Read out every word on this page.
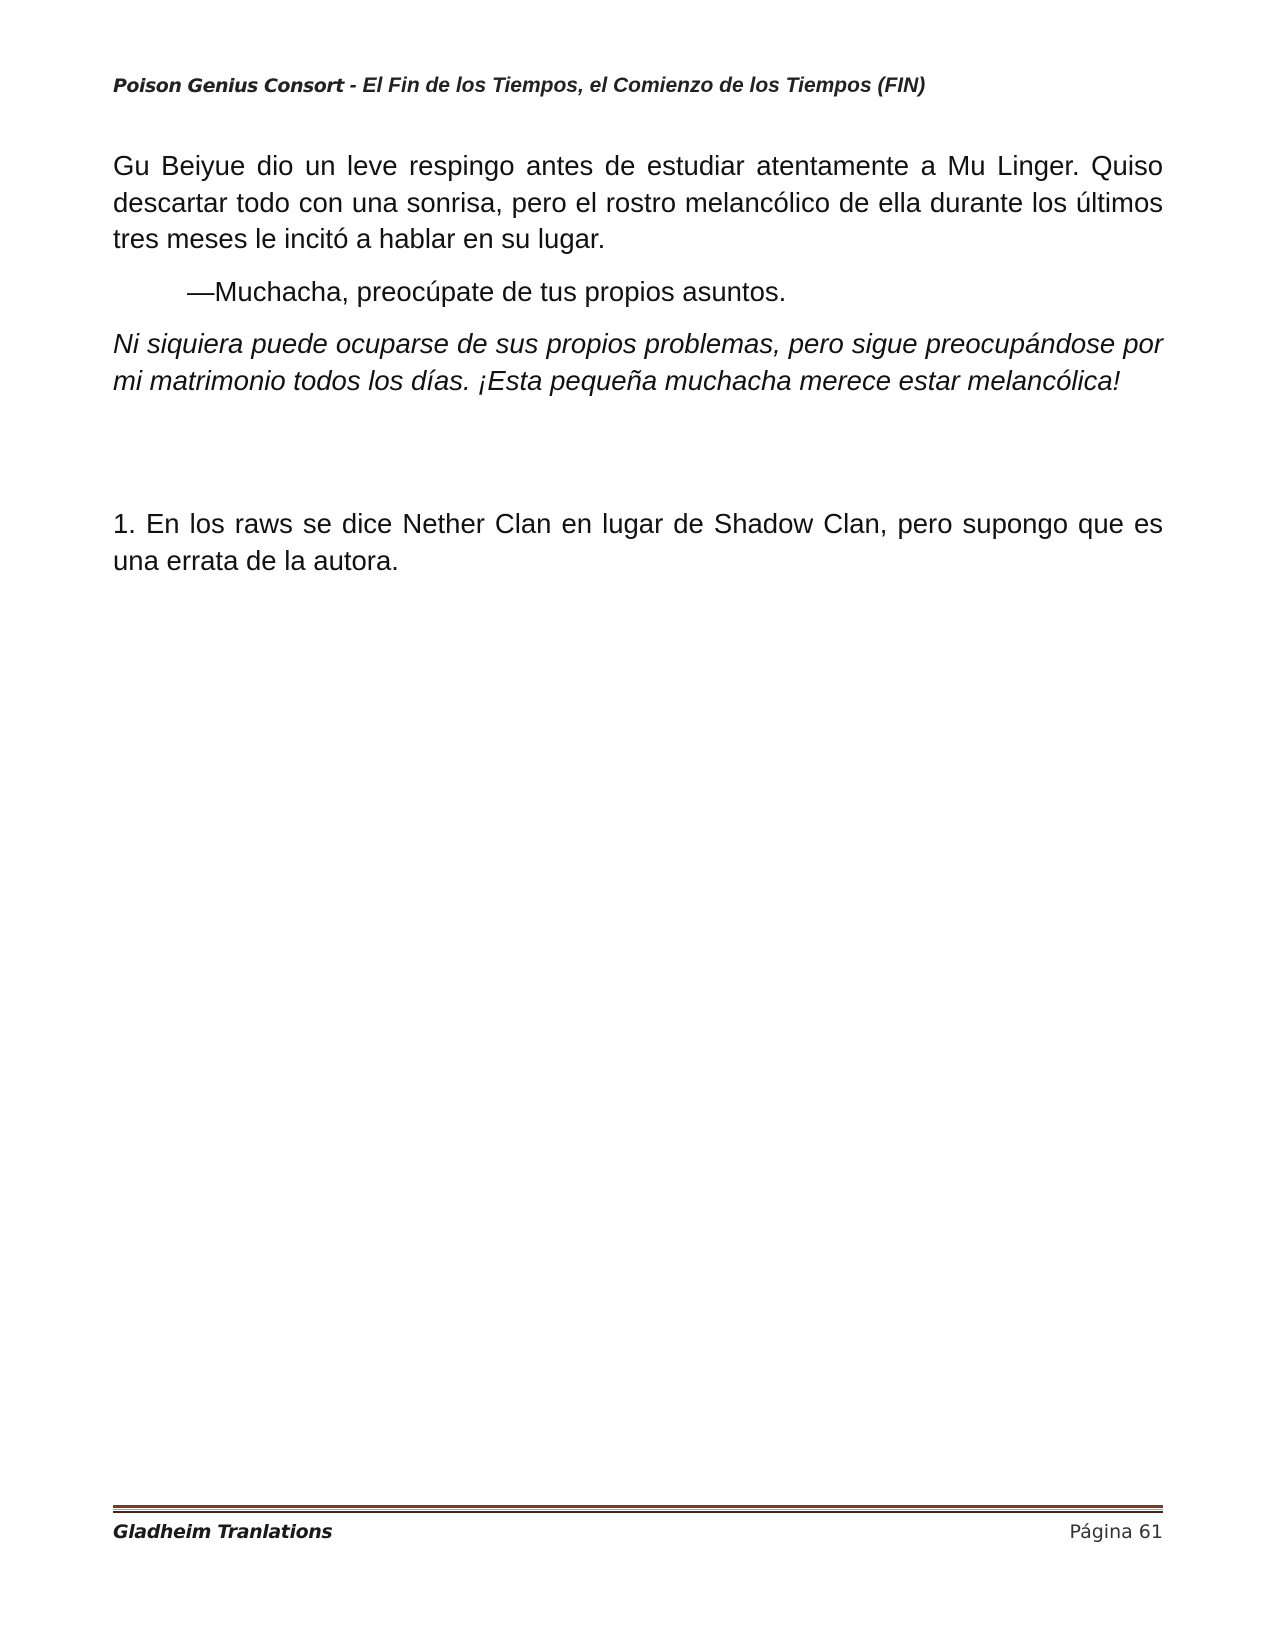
Poison Genius Consort - El Fin de los Tiempos, el Comienzo de los Tiempos (FIN)

Gu Beiyue dio un leve respingo antes de estudiar atentamente a Mu Linger. Quiso descartar todo con una sonrisa, pero el rostro melancólico de ella durante los últimos tres meses le incitó a hablar en su lugar.

—Muchacha, preocúpate de tus propios asuntos.

Ni siquiera puede ocuparse de sus propios problemas, pero sigue preocupándose por mi matrimonio todos los días. ¡Esta pequeña muchacha merece estar melancólica!

1. En los raws se dice Nether Clan en lugar de Shadow Clan, pero supongo que es una errata de la autora.

Gladheim Tranlations	Página 61
